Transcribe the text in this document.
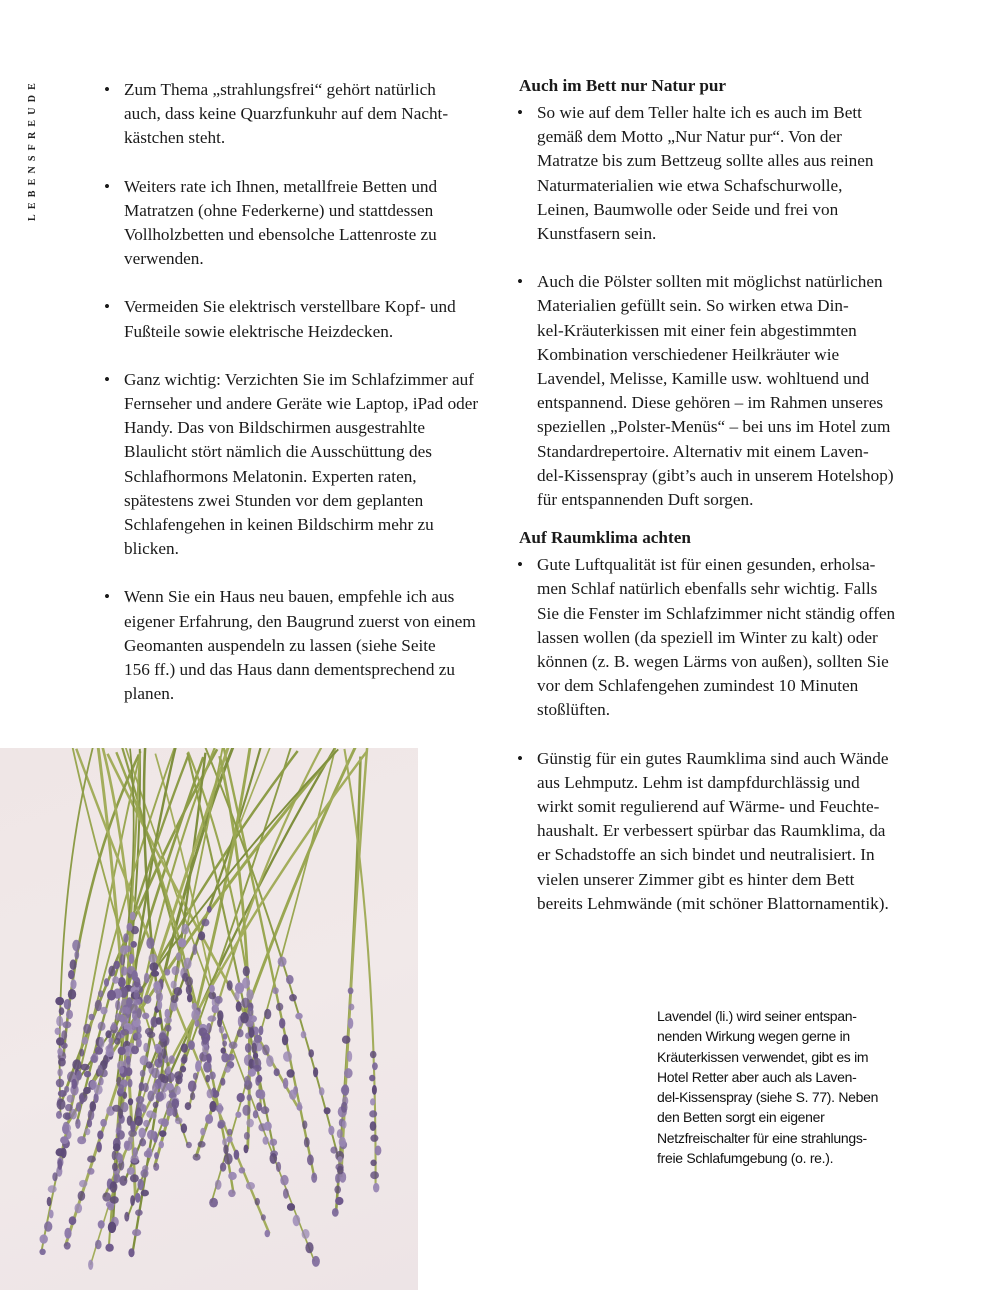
LEBENSFREUDE	• Zum Thema „strahlungsfrei“ gehört natürlich
auch, dass keine Quarzfunkuhr auf dem Nacht-
kästchen steht.
• Weiters rate ich Ihnen, metallfreie Betten und
Matratzen (ohne Federkerne) und stattdessen
Vollholzbetten und ebensolche Lattenroste zu
verwenden.
• Vermeiden Sie elektrisch verstellbare Kopf- und
Fußteile sowie elektrische Heizdecken.
• Ganz wichtig: Verzichten Sie im Schlafzimmer auf
Fernseher und andere Geräte wie Laptop, iPad oder
Handy. Das von Bildschirmen ausgestrahlte
Blaulicht stört nämlich die Ausschüttung des
Schlafhormons Melatonin. Experten raten,
spätestens zwei Stunden vor dem geplanten
Schlafengehen in keinen Bildschirm mehr zu
blicken.
• Wenn Sie ein Haus neu bauen, empfehle ich aus
eigener Erfahrung, den Baugrund zuerst von einem
Geomanten auspendeln zu lassen (siehe Seite
156 ff.) und das Haus dann dementsprechend zu
planen.
Auch im Bett nur Natur pur
• So wie auf dem Teller halte ich es auch im Bett
gemäß dem Motto „Nur Natur pur“. Von der
Matratze bis zum Bettzeug sollte alles aus reinen
Naturmaterialien wie etwa Schafschurwolle,
Leinen, Baumwolle oder Seide und frei von
Kunstfasern sein.
• Auch die Pölster sollten mit möglichst natürlichen
Materialien gefüllt sein. So wirken etwa Din-
kel-Kräuterkissen mit einer fein abgestimmten
Kombination verschiedener Heilkräuter wie
Lavendel, Melisse, Kamille usw. wohltuend und
entspannend. Diese gehören – im Rahmen unseres
speziellen „Polster-Menüs“ – bei uns im Hotel zum
Standardrepertoire. Alternativ mit einem Laven-
del-Kissenspray (gibt’s auch in unserem Hotelshop)
für entspannenden Duft sorgen.
Auf Raumklima achten
• Gute Luftqualität ist für einen gesunden, erholsa-
men Schlaf natürlich ebenfalls sehr wichtig. Falls
Sie die Fenster im Schlafzimmer nicht ständig offen
lassen wollen (da speziell im Winter zu kalt) oder
können (z. B. wegen Lärms von außen), sollten Sie
vor dem Schlafengehen zumindest 10 Minuten
stoßlüften.
• Günstig für ein gutes Raumklima sind auch Wände
aus Lehmputz. Lehm ist dampfdurchlässig und
wirkt somit regulierend auf Wärme- und Feuchte-
haushalt. Er verbessert spürbar das Raumklima, da
er Schadstoffe an sich bindet und neutralisiert. In
vielen unserer Zimmer gibt es hinter dem Bett
bereits Lehmwände (mit schöner Blattornamentik).
Lavendel (li.) wird seiner entspan-
nenden Wirkung wegen gerne in
Kräuterkissen verwendet, gibt es im
Hotel Retter aber auch als Laven-
del-Kissenspray (siehe S. 77). Neben
den Betten sorgt ein eigener
Netzfreischalter für eine strahlungs-
freie Schlafumgebung (o. re.).
